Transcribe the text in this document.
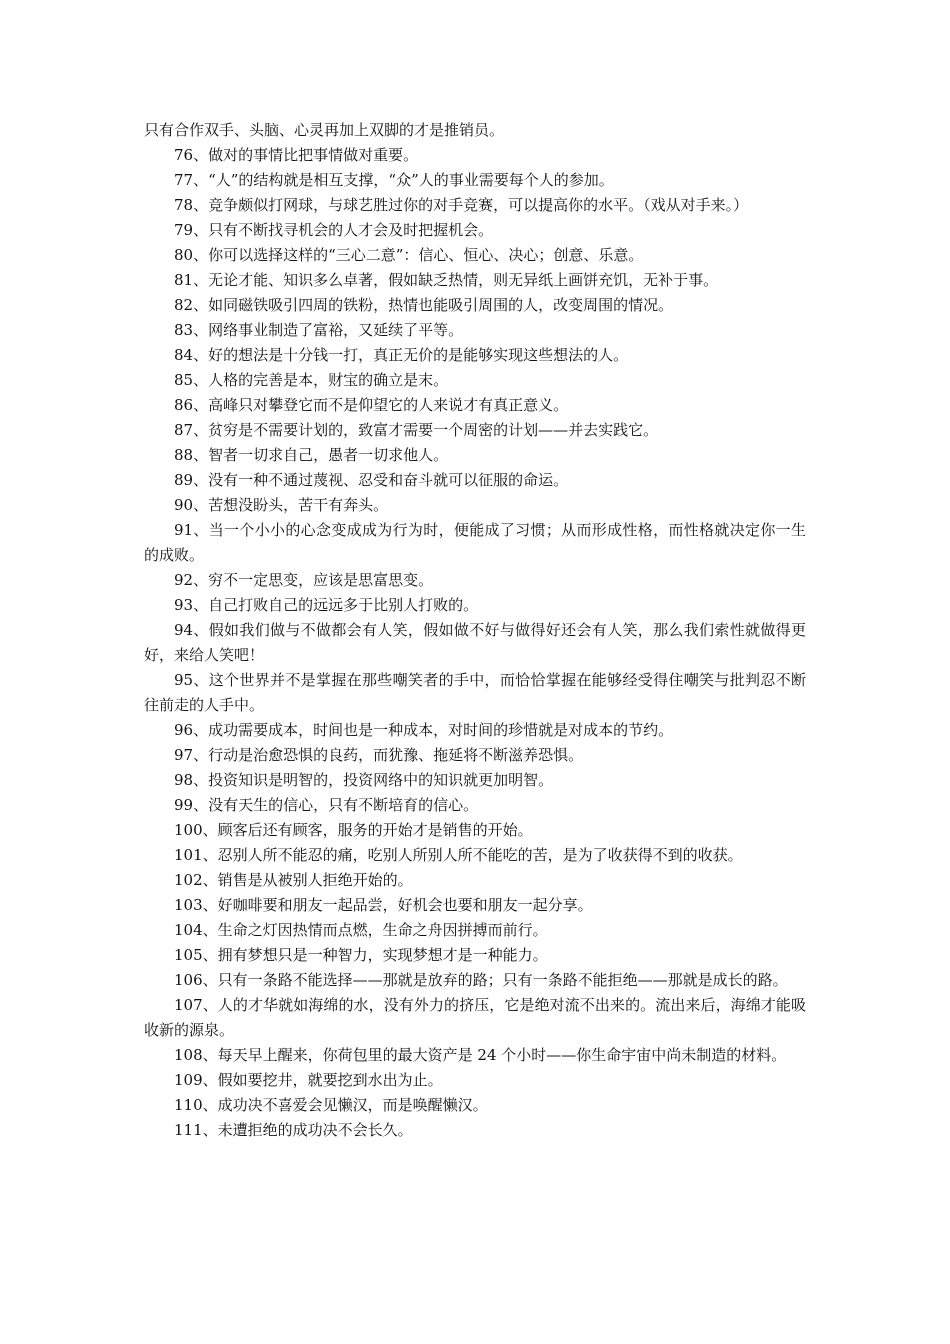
只有合作双手、头脑、心灵再加上双脚的才是推销员。

76、做对的事情比把事情做对重要。

77、“人”的结构就是相互支撑，“众”人的事业需要每个人的参加。

78、竞争颇似打网球，与球艺胜过你的对手竞赛，可以提高你的水平。（戏从对手来。）

79、只有不断找寻机会的人才会及时把握机会。

80、你可以选择这样的“三心二意”：信心、恒心、决心；创意、乐意。

81、无论才能、知识多么卓著，假如缺乏热情，则无异纸上画饼充饥，无补于事。

82、如同磁铁吸引四周的铁粉，热情也能吸引周围的人，改变周围的情况。

83、网络事业制造了富裕，又延续了平等。

84、好的想法是十分钱一打，真正无价的是能够实现这些想法的人。

85、人格的完善是本，财宝的确立是末。

86、高峰只对攀登它而不是仰望它的人来说才有真正意义。

87、贫穷是不需要计划的，致富才需要一个周密的计划——并去实践它。

88、智者一切求自己，愚者一切求他人。

89、没有一种不通过蔑视、忍受和奋斗就可以征服的命运。

90、苦想没盼头，苦干有奔头。

91、当一个小小的心念变成成为行为时，便能成了习惯；从而形成性格，而性格就决定你一生的成败。

92、穷不一定思变，应该是思富思变。

93、自己打败自己的远远多于比别人打败的。

94、假如我们做与不做都会有人笑，假如做不好与做得好还会有人笑，那么我们索性就做得更好，来给人笑吧！

95、这个世界并不是掌握在那些嘲笑者的手中，而恰恰掌握在能够经受得住嘲笑与批判忍不断往前走的人手中。

96、成功需要成本，时间也是一种成本，对时间的珍惜就是对成本的节约。

97、行动是治愈恐惧的良药，而犹豫、拖延将不断滋养恐惧。

98、投资知识是明智的，投资网络中的知识就更加明智。

99、没有天生的信心，只有不断培育的信心。

100、顾客后还有顾客，服务的开始才是销售的开始。

101、忍别人所不能忍的痛，吃别人所别人所不能吃的苦，是为了收获得不到的收获。

102、销售是从被别人拒绝开始的。

103、好咖啡要和朋友一起品尝，好机会也要和朋友一起分享。

104、生命之灯因热情而点燃，生命之舟因拼搏而前行。

105、拥有梦想只是一种智力，实现梦想才是一种能力。

106、只有一条路不能选择——那就是放弃的路；只有一条路不能拒绝——那就是成长的路。

107、人的才华就如海绵的水，没有外力的挤压，它是绝对流不出来的。流出来后，海绵才能吸收新的源泉。

108、每天早上醒来，你荷包里的最大资产是 24 个小时——你生命宇宙中尚未制造的材料。

109、假如要挖井，就要挖到水出为止。

110、成功决不喜爱会见懒汉，而是唤醒懒汉。

111、未遭拒绝的成功决不会长久。
